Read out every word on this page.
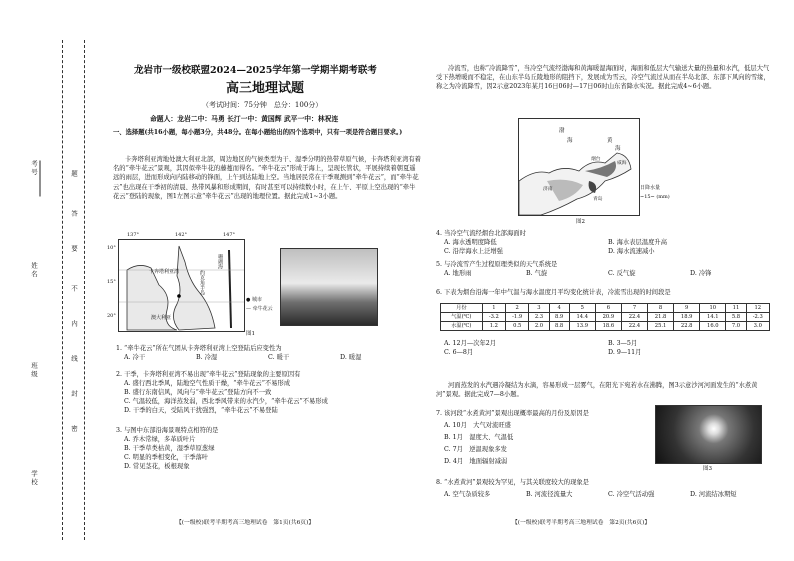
考号
姓名
班级
学校
题
答
要
不
内
线
封
密
龙岩市一级校联盟2024—2025学年第一学期半期考联考
高三地理试题
（考试时间：75分钟　总分：100分）
命题人：龙岩二中：马勇 长汀一中：黄国辉 武平一中：林祝连
一、选择题(共16小题，每小题3分，共48分。在每小题给出的四个选项中，只有一项是符合题目要求。)
卡奔塔利亚湾地处澳大利亚北部，周边地区的气候类型为干、湿季分明的热带草原气候，卡奔塔利亚湾有着名的“牵牛花云”景观，其因似牵牛花的藤蔓而得名。“牵牛花云”形成于海上，呈现长管状，平展持续着朝夏遥远的雨层，进而形成向内陆移动的锋面，上午到达陆地上空。当地居民常在干季观测到“牵牛花云”，而“牵牛花云”也出现在干季初的清晨、热带风暴和形成期间，有时甚至可以持续数小时，在上午、平原上空出现的“牵牛花云”登陆的现象，图1左图示意“牵牛花云”出现的地理位置。据此完成1~3小题。
137°	142°	147°
10°
15°
20°
卡奔塔利亚湾	约克角半岛
澳大利亚
珊瑚海
● 城市
— 牵牛花云
图1
1. “牵牛花云”所在气团从卡奔塔利亚湾上空登陆后应变性为
A. 冷干	B. 冷湿	C. 暖干	D. 暖湿
2. 干季，卡奔塔利亚湾不易出现“牵牛花云”登陆现象的主要原因有
A. 盛行西北季风，陆地空气性质干燥，“牵牛花云”不易形成
B. 盛行东南信风，风向与“牵牛花云”登陆方向不一致
C. 气温较低，海洋蒸发弱，西北季风带来的水汽少，“牵牛花云”不易形成
D. 干季的白天，受陆风干扰强烈，“牵牛花云”不易登陆
3. 与图中东部沿海景观特点相符的是
A. 乔木常绿，多革质叶片
B. 干季草类枯黄，湿季草原葱绿
C. 明显的季相变化，干季落叶
D. 常见茎花，板根现象
【(一级校)联考半期考高三地理试卷　第1页(共6页)】
冷流雪，也称“冷流降雪”，当冷空气流经渤海和黄海暖湿海面时，海面和低层大气输送大量的热量和水汽，低层大气受下热增暖而不稳定，在山东半岛丘陵地形的阻挡下，发展成为雪云，冷空气流过从而在半岛北部、东部下风向的雪缘，称之为冷流降雪，因2示意2023年某月16日06时—17日06时山东省降水实况。据此完成4~6小题。
渤
海	黄
海
烟台
威海
济南
青岛
日降水量
~15~ (mm)
图2
4. 当冷空气流经烟台北部海面时
A. 海水透明度降低	B. 海水表层温度升高
C. 沿岸海水上泛增强	D. 海水流速减小
5. 与冷流雪产生过程原理类似的天气系统是
A. 地形雨	B. 气旋	C. 反气旋	D. 冷锋
6. 下表为烟台沿海一年中气温与海水温度月平均变化统计表，冷流雪出现的时间段是
月份	1	2	3	4	5	6	7	8	9	10	11	12
气温(℃)	-3.2	-1.9	2.3	8.9	14.4	20.9	22.4	21.8	18.9	14.1	5.8	-2.3
水温(℃)	1.2	0.5	2.0	8.8	13.9	18.6	22.4	25.1	22.8	16.0	7.0	3.0
A. 12月—次年2月	B. 3—5月
C. 6—8月	D. 9—11月
河面蒸发的水汽遇冷凝结为水滴，容易形成一层雾气，在阳光下宛若水在沸腾，图3示意沙河河面发生的“水煮黄河”景观。据此完成7—8小题。
7. 该河段“水煮黄河”景观出现概率最高的月份及原因是
A. 10月　大气对流旺盛
B. 1月　湿度大、气温低
C. 7月　逆温现象多发
D. 4月　地面辐射减弱
图3
8. “水煮黄河”景观较为罕见，与其关联度较大的现象是
A. 空气杂质较多	B. 河流径流量大	C. 冷空气活动强	D. 河流结冰期短
【(一级校)联考半期考高三地理试卷　第2页(共6页)】
